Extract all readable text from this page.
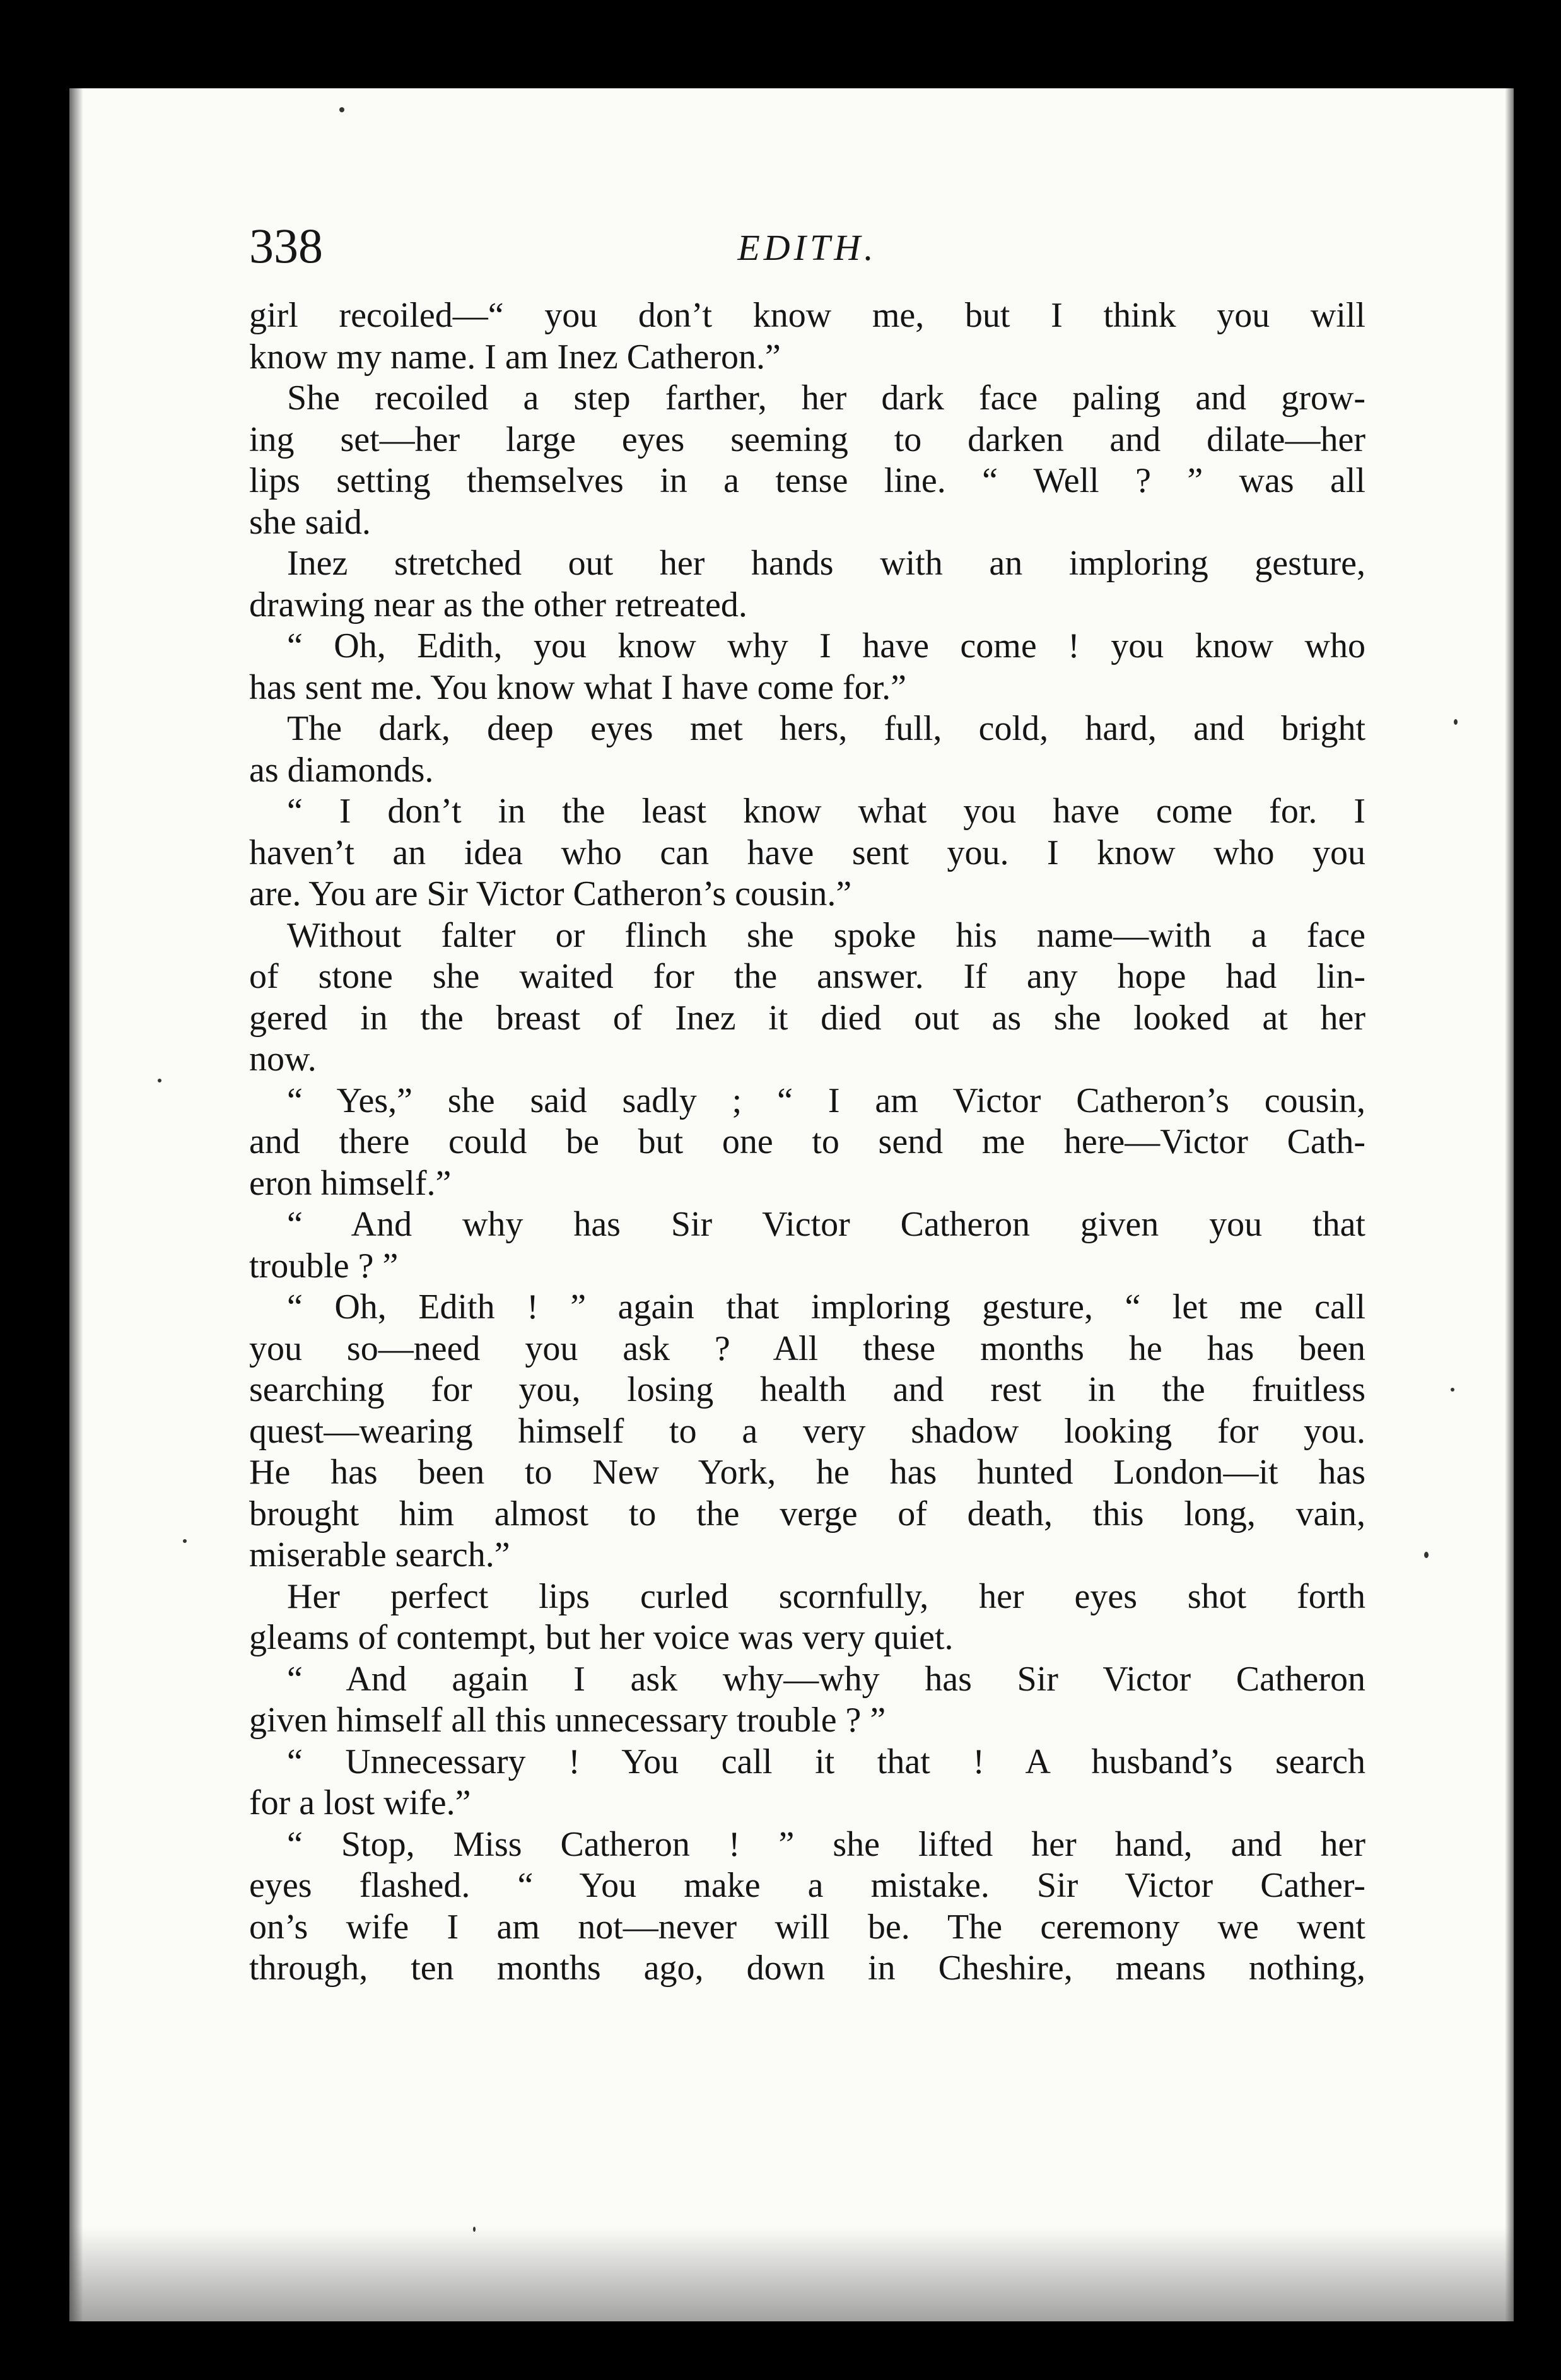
338	EDITH.

girl recoiled—“ you don’t know me, but I think you will

know my name. I am Inez Catheron.”

She recoiled a step farther, her dark face paling and grow-

ing set—her large eyes seeming to darken and dilate—her

lips setting themselves in a tense line. “ Well ? ” was all

she said.

Inez stretched out her hands with an imploring gesture,

drawing near as the other retreated.

“ Oh, Edith, you know why I have come ! you know who

has sent me. You know what I have come for.”

The dark, deep eyes met hers, full, cold, hard, and bright

as diamonds.

“ I don’t in the least know what you have come for. I

haven’t an idea who can have sent you. I know who you

are. You are Sir Victor Catheron’s cousin.”

Without falter or flinch she spoke his name—with a face

of stone she waited for the answer. If any hope had lin-

gered in the breast of Inez it died out as she looked at her

now.

“ Yes,” she said sadly ; “ I am Victor Catheron’s cousin,

and there could be but one to send me here—Victor Cath-

eron himself.”

“ And why has Sir Victor Catheron given you that

trouble ? ”

“ Oh, Edith ! ” again that imploring gesture, “ let me call

you so—need you ask ? All these months he has been

searching for you, losing health and rest in the fruitless

quest—wearing himself to a very shadow looking for you.

He has been to New York, he has hunted London—it has

brought him almost to the verge of death, this long, vain,

miserable search.”

Her perfect lips curled scornfully, her eyes shot forth

gleams of contempt, but her voice was very quiet.

“ And again I ask why—why has Sir Victor Catheron

given himself all this unnecessary trouble ? ”

“ Unnecessary ! You call it that ! A husband’s search

for a lost wife.”

“ Stop, Miss Catheron ! ” she lifted her hand, and her

eyes flashed. “ You make a mistake. Sir Victor Cather-

on’s wife I am not—never will be. The ceremony we went

through, ten months ago, down in Cheshire, means nothing,
